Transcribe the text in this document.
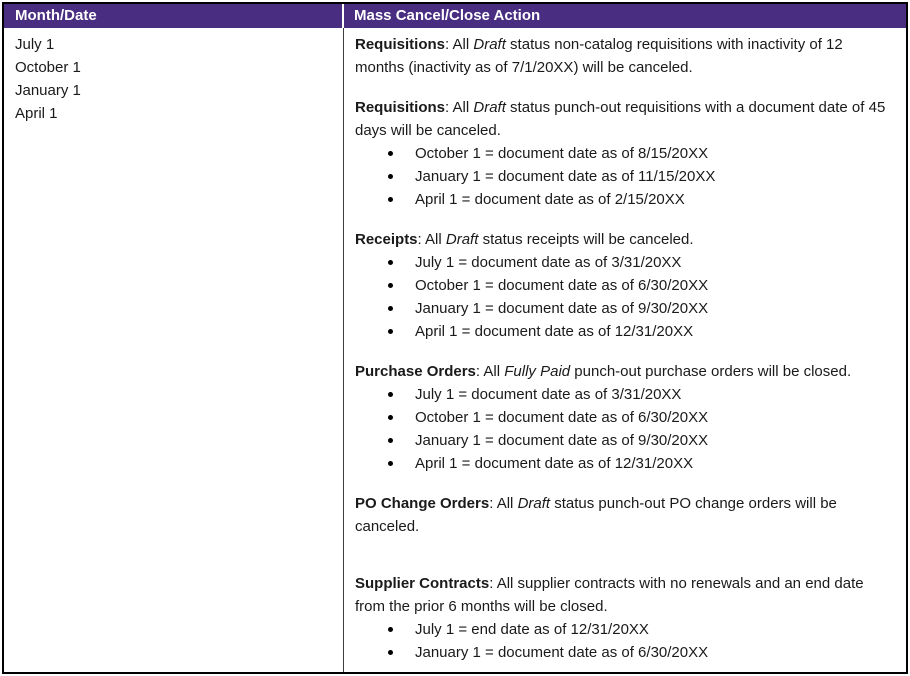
Month/Date	Mass Cancel/Close Action
July 1
October 1
January 1
April 1
Requisitions: All Draft status non-catalog requisitions with inactivity of 12 months (inactivity as of 7/1/20XX) will be canceled.
Requisitions: All Draft status punch-out requisitions with a document date of 45 days will be canceled.
October 1 = document date as of 8/15/20XX
January 1 = document date as of 11/15/20XX
April 1 = document date as of 2/15/20XX
Receipts: All Draft status receipts will be canceled.
July 1 = document date as of 3/31/20XX
October 1 = document date as of 6/30/20XX
January 1 = document date as of 9/30/20XX
April 1 = document date as of 12/31/20XX
Purchase Orders: All Fully Paid punch-out purchase orders will be closed.
July 1 = document date as of 3/31/20XX
October 1 = document date as of 6/30/20XX
January 1 = document date as of 9/30/20XX
April 1 = document date as of 12/31/20XX
PO Change Orders: All Draft status punch-out PO change orders will be canceled.
Supplier Contracts: All supplier contracts with no renewals and an end date from the prior 6 months will be closed.
July 1 = end date as of 12/31/20XX
January 1 = document date as of 6/30/20XX
